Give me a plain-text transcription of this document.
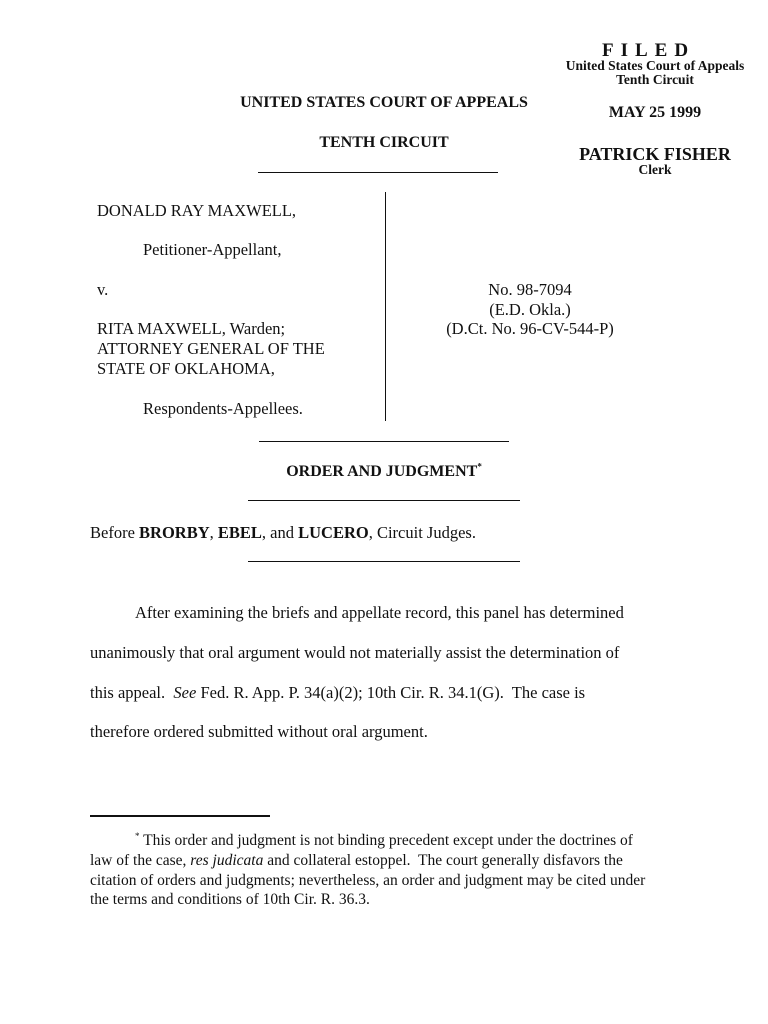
FILED
United States Court of Appeals
Tenth Circuit
MAY 25 1999
PATRICK FISHER
Clerk
UNITED STATES COURT OF APPEALS
TENTH CIRCUIT
DONALD RAY MAXWELL,
Petitioner-Appellant,
v.
RITA MAXWELL, Warden;
ATTORNEY GENERAL OF THE
STATE OF OKLAHOMA,
Respondents-Appellees.
No. 98-7094
(E.D. Okla.)
(D.Ct. No. 96-CV-544-P)
ORDER AND JUDGMENT*
Before BRORBY, EBEL, and LUCERO, Circuit Judges.
After examining the briefs and appellate record, this panel has determined
unanimously that oral argument would not materially assist the determination of
this appeal.  See Fed. R. App. P. 34(a)(2); 10th Cir. R. 34.1(G).  The case is
therefore ordered submitted without oral argument.
* This order and judgment is not binding precedent except under the doctrines of
law of the case, res judicata and collateral estoppel.  The court generally disfavors the
citation of orders and judgments; nevertheless, an order and judgment may be cited under
the terms and conditions of 10th Cir. R. 36.3.
